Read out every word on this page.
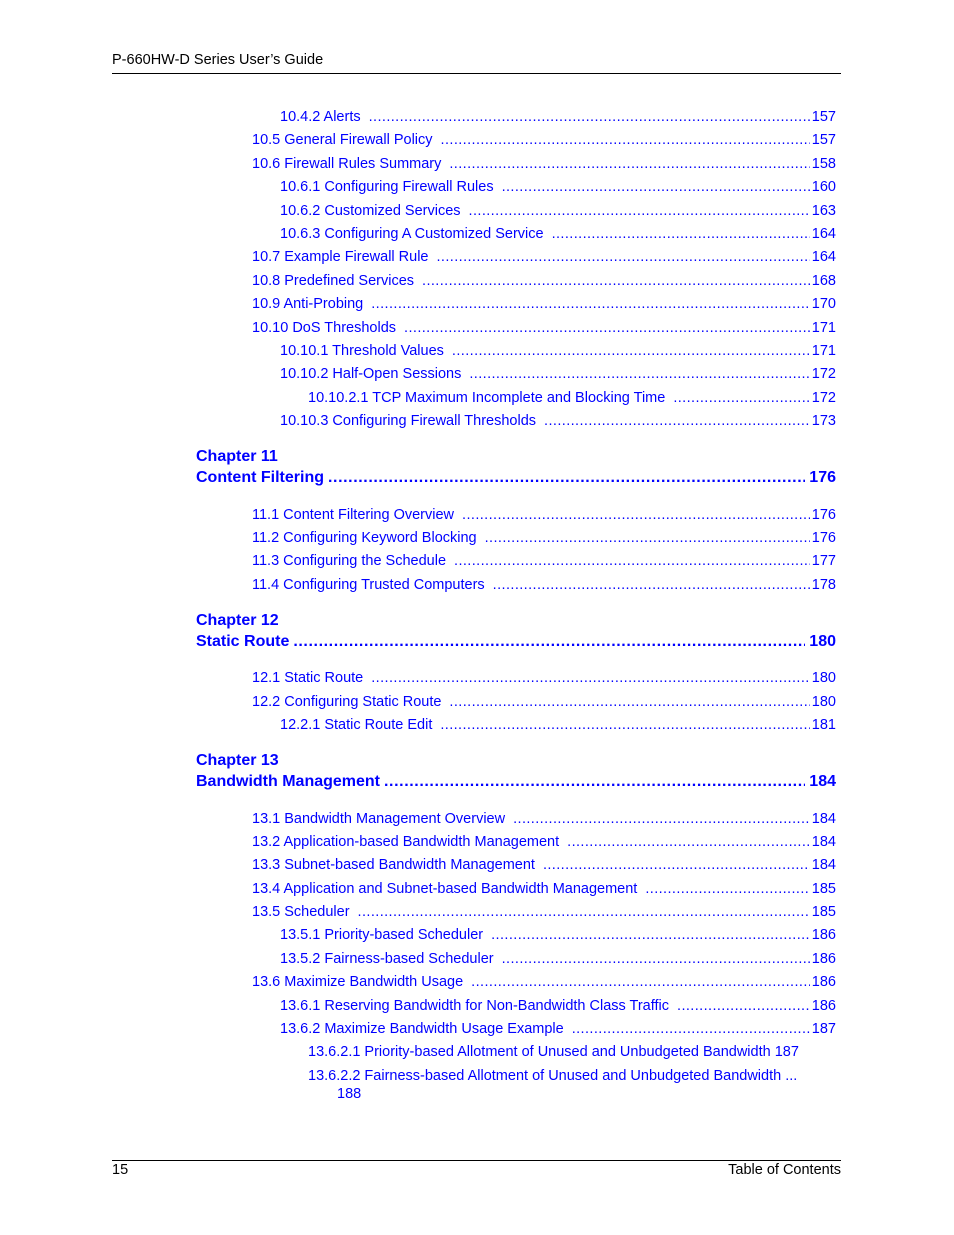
P-660HW-D Series User’s Guide
10.4.2 Alerts .....	157
10.5 General Firewall Policy .....	157
10.6 Firewall Rules Summary .....	158
10.6.1 Configuring Firewall Rules .....	160
10.6.2 Customized Services .....	163
10.6.3 Configuring A Customized Service .....	164
10.7 Example Firewall Rule .....	164
10.8 Predefined Services .....	168
10.9 Anti-Probing .....	170
10.10 DoS Thresholds .....	171
10.10.1 Threshold Values .....	171
10.10.2 Half-Open Sessions .....	172
10.10.2.1 TCP Maximum Incomplete and Blocking Time .....	172
10.10.3 Configuring Firewall Thresholds .....	173
Chapter 11
Content Filtering .....	176
11.1 Content Filtering Overview .....	176
11.2 Configuring Keyword Blocking .....	176
11.3 Configuring the Schedule .....	177
11.4 Configuring Trusted Computers .....	178
Chapter 12
Static Route .....	180
12.1 Static Route .....	180
12.2 Configuring Static Route .....	180
12.2.1 Static Route Edit .....	181
Chapter 13
Bandwidth Management .....	184
13.1 Bandwidth Management Overview .....	184
13.2 Application-based Bandwidth Management .....	184
13.3 Subnet-based Bandwidth Management .....	184
13.4 Application and Subnet-based Bandwidth Management .....	185
13.5 Scheduler .....	185
13.5.1 Priority-based Scheduler .....	186
13.5.2 Fairness-based Scheduler .....	186
13.6 Maximize Bandwidth Usage .....	186
13.6.1 Reserving Bandwidth for Non-Bandwidth Class Traffic .....	186
13.6.2 Maximize Bandwidth Usage Example .....	187
13.6.2.1 Priority-based Allotment of Unused and Unbudgeted Bandwidth 187
13.6.2.2 Fairness-based Allotment of Unused and Unbudgeted Bandwidth ...
188
15	Table of Contents
